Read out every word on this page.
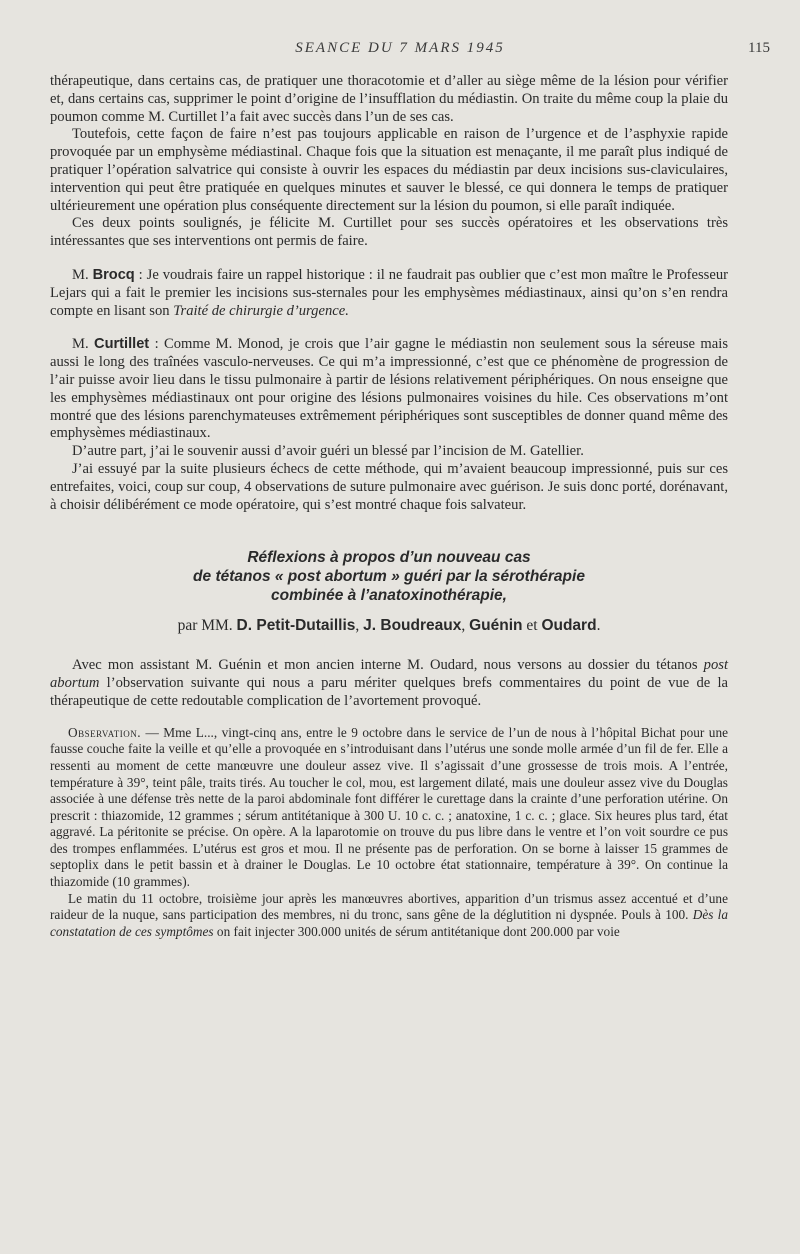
SEANCE DU 7 MARS 1945	115

thérapeutique, dans certains cas, de pratiquer une thoracotomie et d’aller au siège même de la lésion pour vérifier et, dans certains cas, supprimer le point d’origine de l’insufflation du médiastin. On traite du même coup la plaie du poumon comme M. Curtillet l’a fait avec succès dans l’un de ses cas.

Toutefois, cette façon de faire n’est pas toujours applicable en raison de l’urgence et de l’asphyxie rapide provoquée par un emphysème médiastinal. Chaque fois que la situation est menaçante, il me paraît plus indiqué de pratiquer l’opération salvatrice qui consiste à ouvrir les espaces du médiastin par deux incisions sus-claviculaires, intervention qui peut être pratiquée en quelques minutes et sauver le blessé, ce qui donnera le temps de pratiquer ultérieurement une opération plus conséquente directement sur la lésion du poumon, si elle paraît indiquée.

Ces deux points soulignés, je félicite M. Curtillet pour ses succès opératoires et les observations très intéressantes que ses interventions ont permis de faire.

M. Brocq : Je voudrais faire un rappel historique : il ne faudrait pas oublier que c’est mon maître le Professeur Lejars qui a fait le premier les incisions sus-sternales pour les emphysèmes médiastinaux, ainsi qu’on s’en rendra compte en lisant son Traité de chirurgie d’urgence.

M. Curtillet : Comme M. Monod, je crois que l’air gagne le médiastin non seulement sous la séreuse mais aussi le long des traînées vasculo-nerveuses. Ce qui m’a impressionné, c’est que ce phénomène de progression de l’air puisse avoir lieu dans le tissu pulmonaire à partir de lésions relativement périphériques. On nous enseigne que les emphysèmes médiastinaux ont pour origine des lésions pulmonaires voisines du hile. Ces observations m’ont montré que des lésions parenchymateuses extrêmement périphériques sont susceptibles de donner quand même des emphysèmes médiastinaux.

D’autre part, j’ai le souvenir aussi d’avoir guéri un blessé par l’incision de M. Gatellier.

J’ai essuyé par la suite plusieurs échecs de cette méthode, qui m’avaient beaucoup impressionné, puis sur ces entrefaites, voici, coup sur coup, 4 observations de suture pulmonaire avec guérison. Je suis donc porté, dorénavant, à choisir délibérément ce mode opératoire, qui s’est montré chaque fois salvateur.

Réflexions à propos d’un nouveau cas
de tétanos « post abortum » guéri par la sérothérapie
combinée à l’anatoxinothérapie,
par MM. D. Petit-Dutaillis, J. Boudreaux, Guénin et Oudard.

Avec mon assistant M. Guénin et mon ancien interne M. Oudard, nous versons au dossier du tétanos post abortum l’observation suivante qui nous a paru mériter quelques brefs commentaires du point de vue de la thérapeutique de cette redoutable complication de l’avortement provoqué.

Observation. — Mme L..., vingt-cinq ans, entre le 9 octobre dans le service de l’un de nous à l’hôpital Bichat pour une fausse couche faite la veille et qu’elle a provoquée en s’introduisant dans l’utérus une sonde molle armée d’un fil de fer. Elle a ressenti au moment de cette manœuvre une douleur assez vive. Il s’agissait d’une grossesse de trois mois. A l’entrée, température à 39°, teint pâle, traits tirés. Au toucher le col, mou, est largement dilaté, mais une douleur assez vive du Douglas associée à une défense très nette de la paroi abdominale font différer le curettage dans la crainte d’une perforation utérine. On prescrit : thiazomide, 12 grammes ; sérum antitétanique à 300 U. 10 c. c. ; anatoxine, 1 c. c. ; glace. Six heures plus tard, état aggravé. La péritonite se précise. On opère. A la laparotomie on trouve du pus libre dans le ventre et l’on voit sourdre ce pus des trompes enflammées. L’utérus est gros et mou. Il ne présente pas de perforation. On se borne à laisser 15 grammes de septoplix dans le petit bassin et à drainer le Douglas. Le 10 octobre état stationnaire, température à 39°. On continue la thiazomide (10 grammes).

Le matin du 11 octobre, troisième jour après les manœuvres abortives, apparition d’un trismus assez accentué et d’une raideur de la nuque, sans participation des membres, ni du tronc, sans gêne de la déglutition ni dyspnée. Pouls à 100. Dès la constatation de ces symptômes on fait injecter 300.000 unités de sérum antitétanique dont 200.000 par voie
